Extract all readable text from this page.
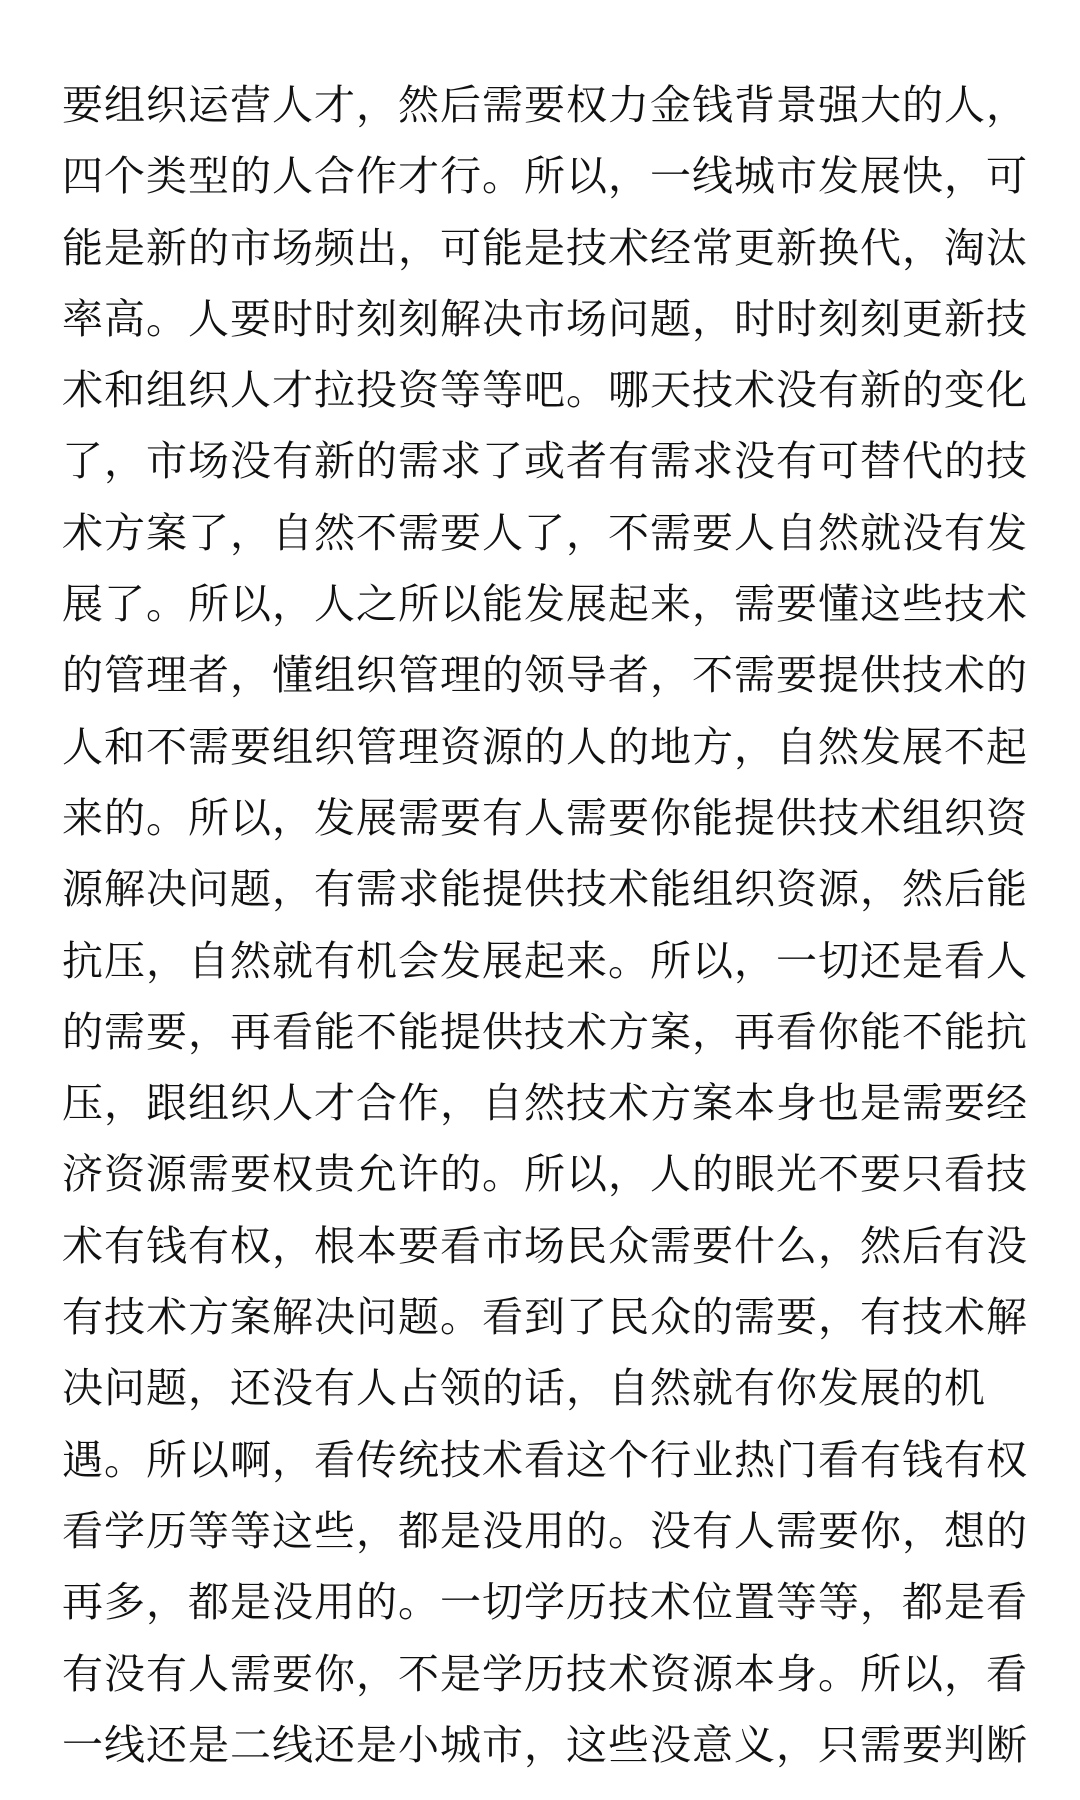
要组织运营人才，然后需要权力金钱背景强大的人，
四个类型的人合作才行。所以，一线城市发展快，可
能是新的市场频出，可能是技术经常更新换代，淘汰
率高。人要时时刻刻解决市场问题，时时刻刻更新技
术和组织人才拉投资等等吧。哪天技术没有新的变化
了，市场没有新的需求了或者有需求没有可替代的技
术方案了，自然不需要人了，不需要人自然就没有发
展了。所以，人之所以能发展起来，需要懂这些技术
的管理者，懂组织管理的领导者，不需要提供技术的
人和不需要组织管理资源的人的地方，自然发展不起
来的。所以，发展需要有人需要你能提供技术组织资
源解决问题，有需求能提供技术能组织资源，然后能
抗压，自然就有机会发展起来。所以，一切还是看人
的需要，再看能不能提供技术方案，再看你能不能抗
压，跟组织人才合作，自然技术方案本身也是需要经
济资源需要权贵允许的。所以，人的眼光不要只看技
术有钱有权，根本要看市场民众需要什么，然后有没
有技术方案解决问题。看到了民众的需要，有技术解
决问题，还没有人占领的话，自然就有你发展的机
遇。所以啊，看传统技术看这个行业热门看有钱有权
看学历等等这些，都是没用的。没有人需要你，想的
再多，都是没用的。一切学历技术位置等等，都是看
有没有人需要你，不是学历技术资源本身。所以，看
一线还是二线还是小城市，这些没意义，只需要判断
